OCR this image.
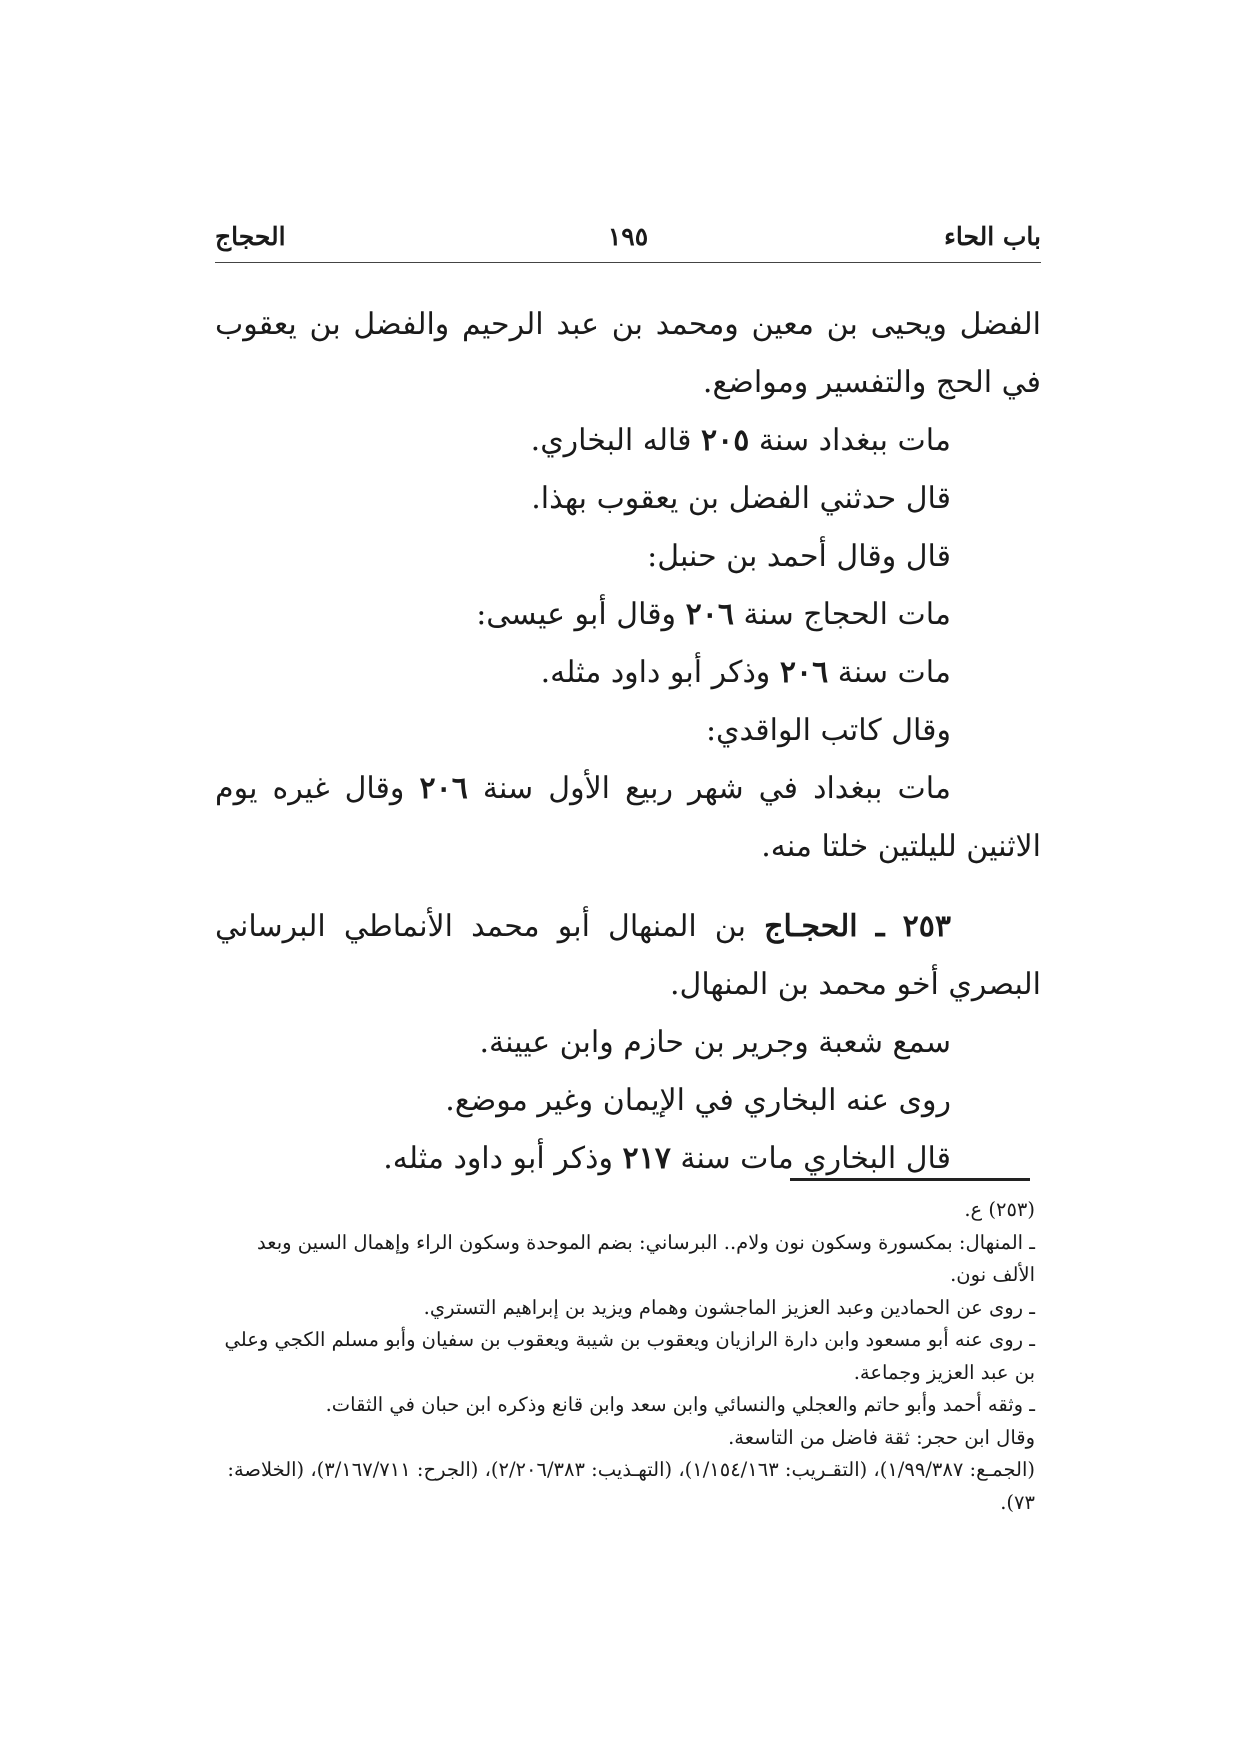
باب الحاء
١٩٥
الحجاج

الفضل ويحيى بن معين ومحمد بن عبد الرحيم والفضل بن يعقوب في الحج والتفسير ومواضع.

مات ببغداد سنة ٢٠٥ قاله البخاري.

قال حدثني الفضل بن يعقوب بهذا.

قال وقال أحمد بن حنبل:

مات الحجاج سنة ٢٠٦ وقال أبو عيسى:

مات سنة ٢٠٦ وذكر أبو داود مثله.

وقال كاتب الواقدي:

مات ببغداد في شهر ربيع الأول سنة ٢٠٦ وقال غيره يوم الاثنين لليلتين خلتا منه.

٢٥٣ ـ الحجـاج بن المنهال أبو محمد الأنماطي البرساني البصري أخو محمد بن المنهال.

سمع شعبة وجرير بن حازم وابن عيينة.

روى عنه البخاري في الإيمان وغير موضع.

قال البخاري مات سنة ٢١٧ وذكر أبو داود مثله.

(٢٥٣) ع.

ـ المنهال: بمكسورة وسكون نون ولام.. البرساني: بضم الموحدة وسكون الراء وإهمال السين وبعد الألف نون.

ـ روى عن الحمادين وعبد العزيز الماجشون وهمام ويزيد بن إبراهيم التستري.

ـ روى عنه أبو مسعود وابن دارة الرازيان ويعقوب بن شيبة ويعقوب بن سفيان وأبو مسلم الكجي وعلي بن عبد العزيز وجماعة.

ـ وثقه أحمد وأبو حاتم والعجلي والنسائي وابن سعد وابن قانع وذكره ابن حبان في الثقات.

وقال ابن حجر: ثقة فاضل من التاسعة.

(الجمـع: ١/٩٩/٣٨٧)، (التقـريب: ١/١٥٤/١٦٣)، (التهـذيب: ٢/٢٠٦/٣٨٣)، (الجرح: ٣/١٦٧/٧١١)، (الخلاصة: ٧٣).
